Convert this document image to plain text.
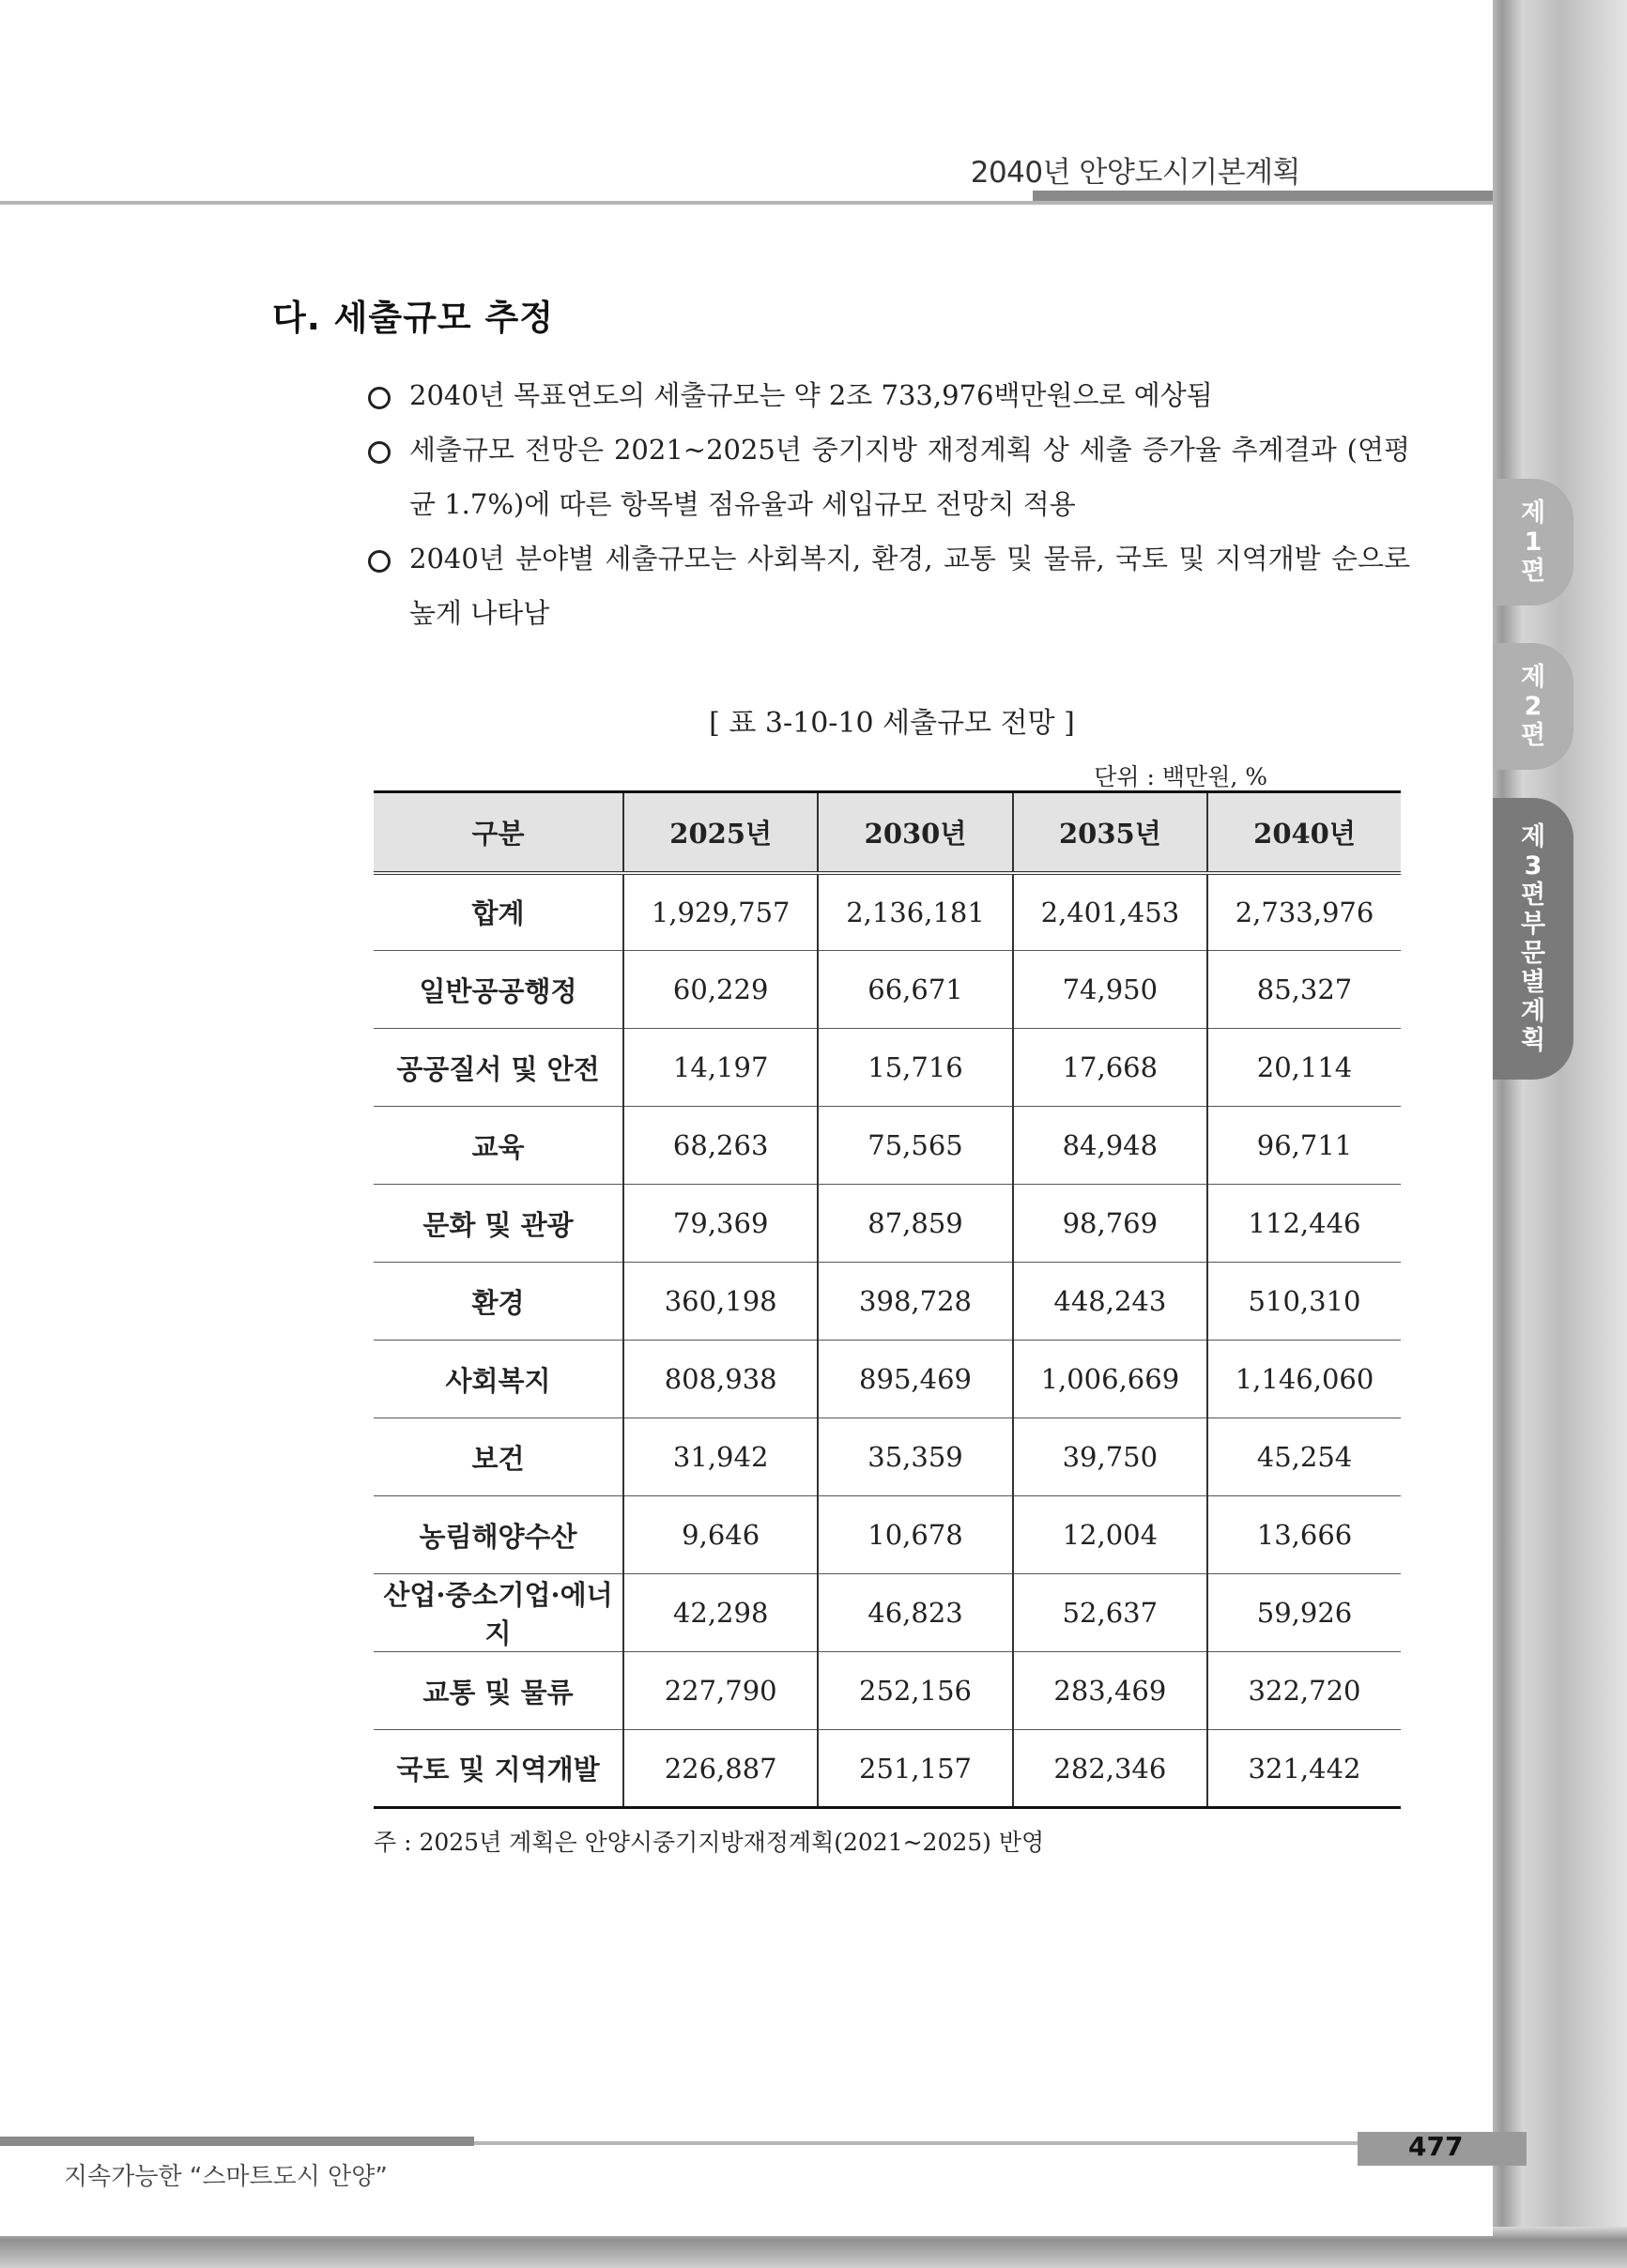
2040년 안양도시기본계획
다. 세출규모 추정
2040년 목표연도의 세출규모는 약 2조 733,976백만원으로 예상됨
세출규모 전망은 2021~2025년 중기지방 재정계획 상 세출 증가율 추계결과 (연평균 1.7%)에 따른 항목별 점유율과 세입규모 전망치 적용
2040년 분야별 세출규모는 사회복지, 환경, 교통 및 물류, 국토 및 지역개발 순으로 높게 나타남
[ 표 3-10-10 세출규모 전망 ]
단위 : 백만원, %
구분	2025년	2030년	2035년	2040년
합계	1,929,757	2,136,181	2,401,453	2,733,976
일반공공행정	60,229	66,671	74,950	85,327
공공질서 및 안전	14,197	15,716	17,668	20,114
교육	68,263	75,565	84,948	96,711
문화 및 관광	79,369	87,859	98,769	112,446
환경	360,198	398,728	448,243	510,310
사회복지	808,938	895,469	1,006,669	1,146,060
보건	31,942	35,359	39,750	45,254
농림해양수산	9,646	10,678	12,004	13,666
산업·중소기업·에너지	42,298	46,823	52,637	59,926
교통 및 물류	227,790	252,156	283,469	322,720
국토 및 지역개발	226,887	251,157	282,346	321,442
주 : 2025년 계획은 안양시중기지방재정계획(2021~2025) 반영
477
지속가능한 “스마트도시 안양”
제
1
편
제
2
편
제
3
편
부
문
별
계
획
